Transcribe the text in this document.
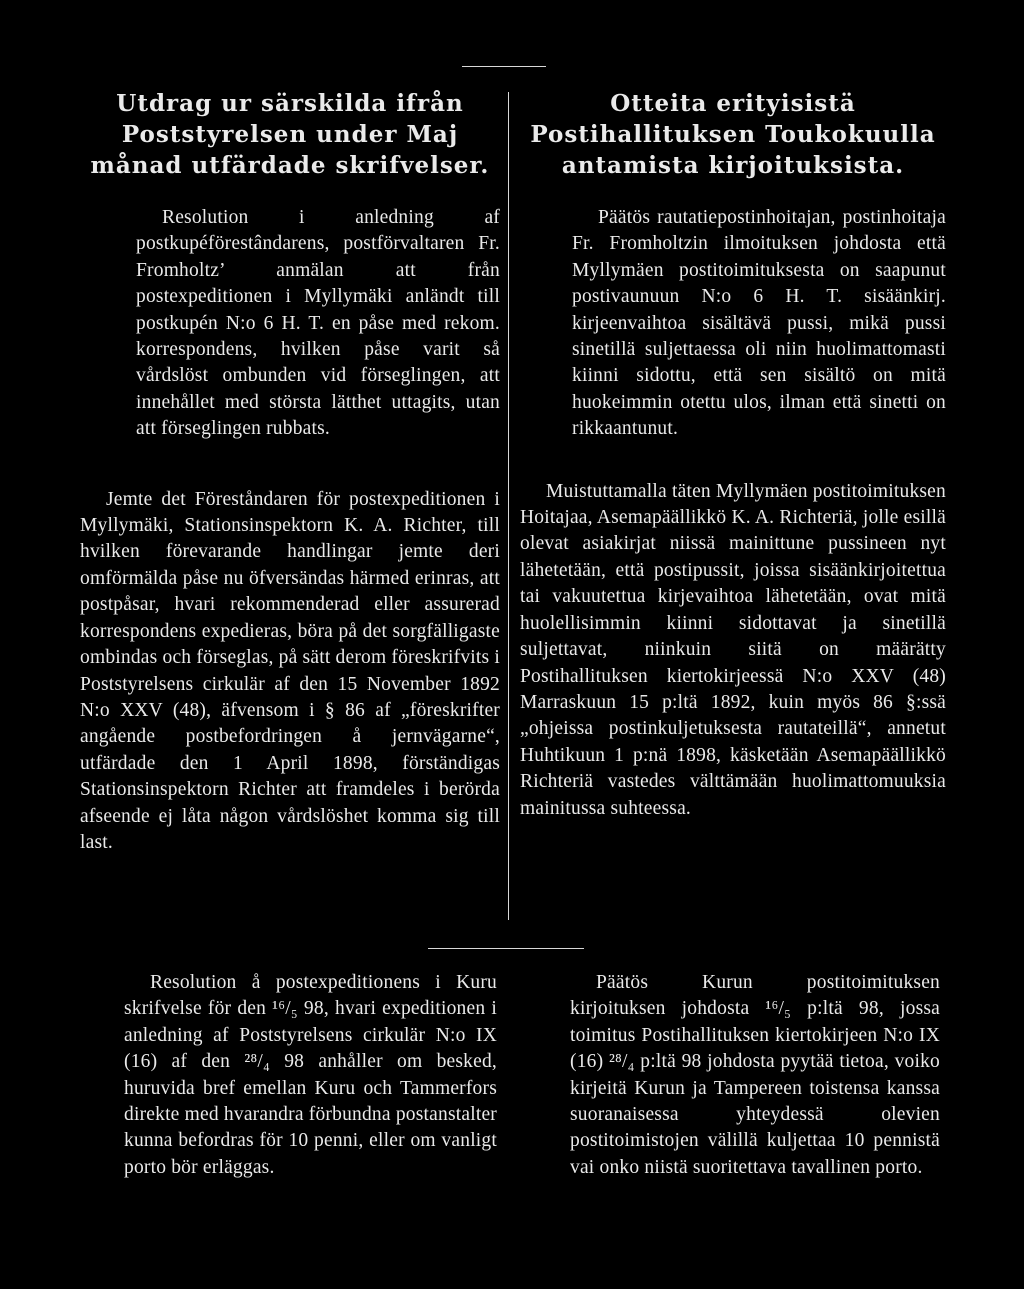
Utdrag ur särskilda ifrån Poststyrelsen under Maj månad utfärdade skrifvelser.

Resolution i anledning af postkupéförestândarens, postförvaltaren Fr. Fromholtz’ anmälan att från postexpeditionen i Myllymäki anländt till postkupén N:o 6 H. T. en påse med rekom. korrespondens, hvilken påse varit så vårdslöst ombunden vid förseglingen, att innehållet med största lätthet uttagits, utan att förseglingen rubbats.

Jemte det Föreståndaren för postexpeditionen i Myllymäki, Stationsinspektorn K. A. Richter, till hvilken förevarande handlingar jemte deri omförmälda påse nu öfversändas härmed erinras, att postpåsar, hvari rekommenderad eller assurerad korrespondens expedieras, böra på det sorgfälligaste ombindas och förseglas, på sätt derom föreskrifvits i Poststyrelsens cirkulär af den 15 November 1892 N:o XXV (48), äfvensom i § 86 af „föreskrifter angående postbefordringen å jernvägarne“, utfärdade den 1 April 1898, förständigas Stationsinspektorn Richter att framdeles i berörda afseende ej låta någon vårdslöshet komma sig till last.

Otteita erityisistä Postihallituksen Toukokuulla antamista kirjoituksista.

Päätös rautatiepostinhoitajan, postinhoitaja Fr. Fromholtzin ilmoituksen johdosta että Myllymäen postitoimituksesta on saapunut postivaunuun N:o 6 H. T. sisäänkirj. kirjeenvaihtoa sisältävä pussi, mikä pussi sinetillä suljettaessa oli niin huolimattomasti kiinni sidottu, että sen sisältö on mitä huokeimmin otettu ulos, ilman että sinetti on rikkaantunut.

Muistuttamalla täten Myllymäen postitoimituksen Hoitajaa, Asemapäällikkö K. A. Richteriä, jolle esillä olevat asiakirjat niissä mainittune pussineen nyt lähetetään, että postipussit, joissa sisäänkirjoitettua tai vakuutettua kirjevaihtoa lähetetään, ovat mitä huolellisimmin kiinni sidottavat ja sinetillä suljettavat, niinkuin siitä on määrätty Postihallituksen kiertokirjeessä N:o XXV (48) Marraskuun 15 p:ltä 1892, kuin myös 86 §:ssä „ohjeissa postinkuljetuksesta rautateillä“, annetut Huhtikuun 1 p:nä 1898, käsketään Asemapäällikkö Richteriä vastedes välttämään huolimattomuuksia mainitussa suhteessa.

Resolution å postexpeditionens i Kuru skrifvelse för den ¹⁶/₅ 98, hvari expeditionen i anledning af Poststyrelsens cirkulär N:o IX (16) af den ²⁸/₄ 98 anhåller om besked, huruvida bref emellan Kuru och Tammerfors direkte med hvarandra förbundna postanstalter kunna befordras för 10 penni, eller om vanligt porto bör erläggas.

Päätös Kurun postitoimituksen kirjoituksen johdosta ¹⁶/₅ p:ltä 98, jossa toimitus Postihallituksen kiertokirjeen N:o IX (16) ²⁸/₄ p:ltä 98 johdosta pyytää tietoa, voiko kirjeitä Kurun ja Tampereen toistensa kanssa suoranaisessa yhteydessä olevien postitoimistojen välillä kuljettaa 10 pennistä vai onko niistä suoritettava tavallinen porto.
